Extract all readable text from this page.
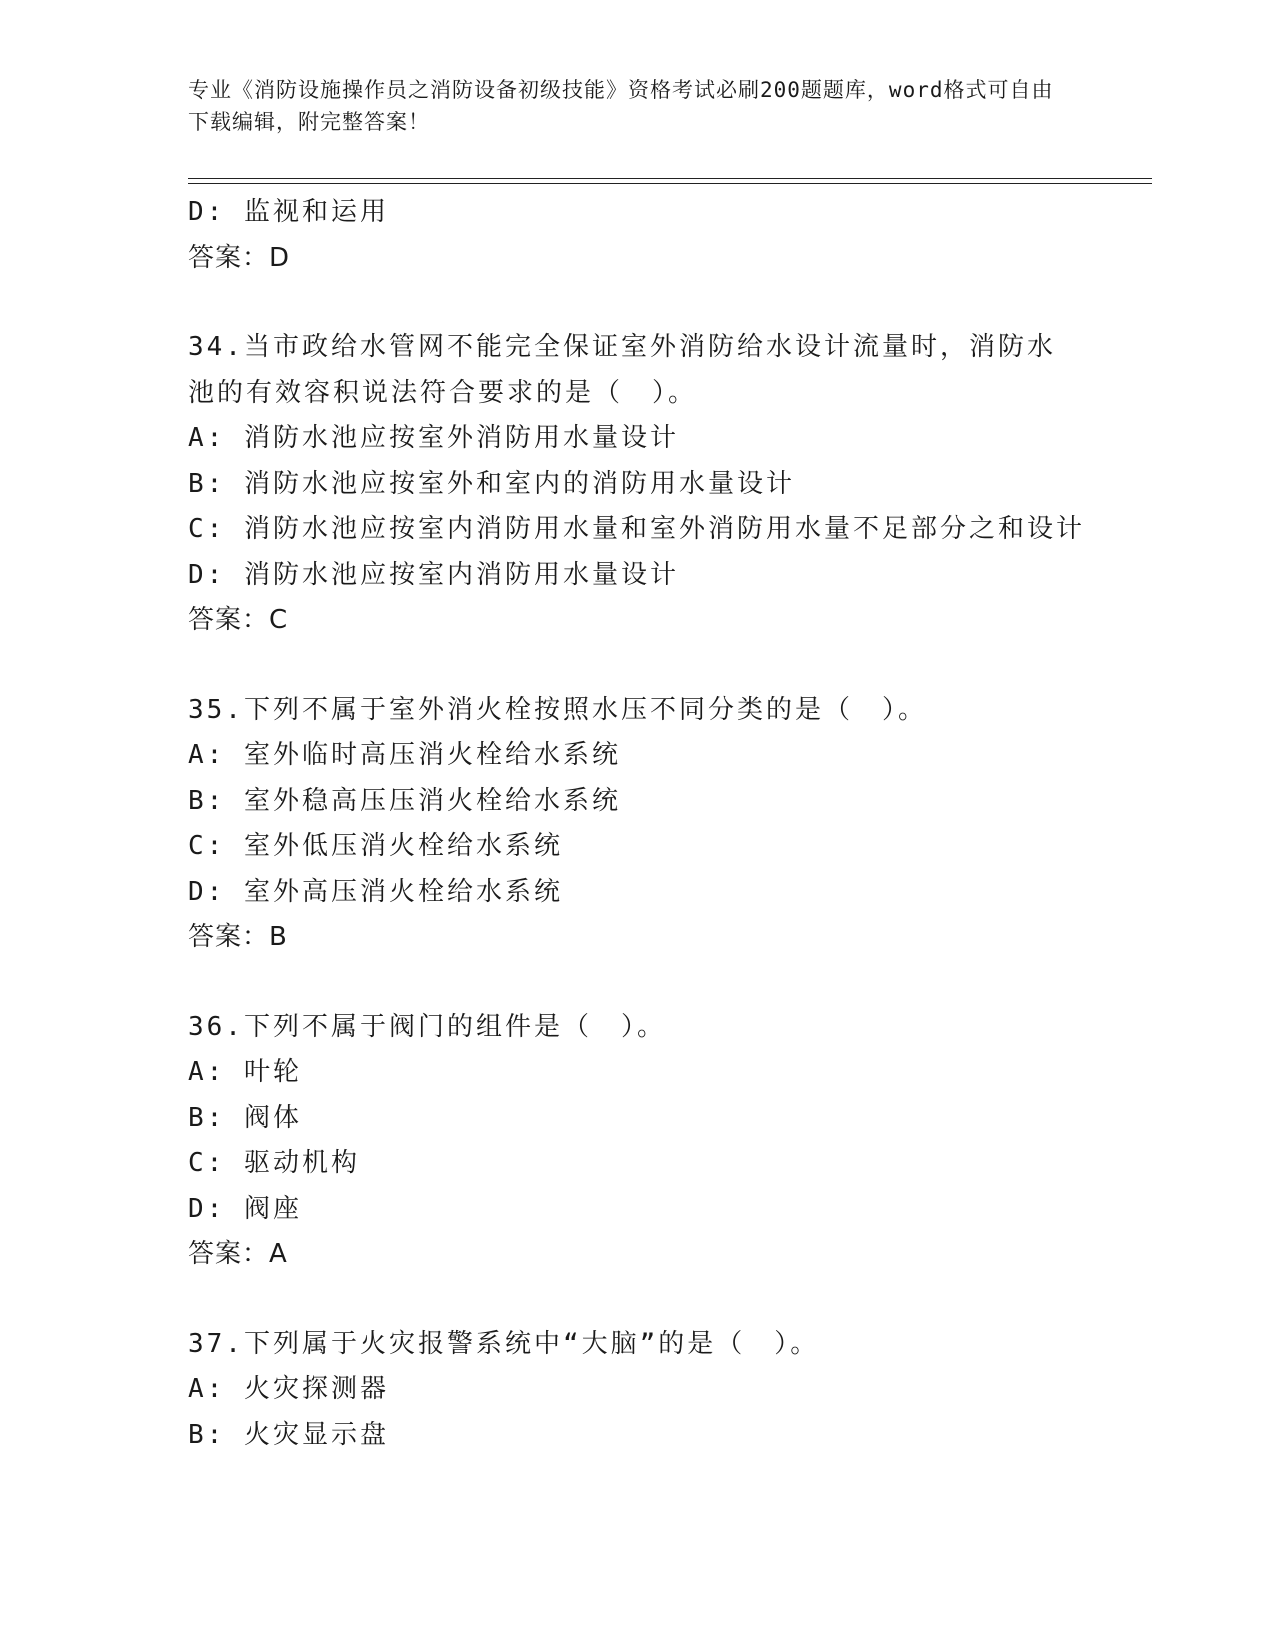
专业《消防设施操作员之消防设备初级技能》资格考试必刷200题题库，word格式可自由下载编辑，附完整答案！
D: 监视和运用
答案：D
34.当市政给水管网不能完全保证室外消防给水设计流量时，消防水池的有效容积说法符合要求的是（　）。
A: 消防水池应按室外消防用水量设计
B: 消防水池应按室外和室内的消防用水量设计
C: 消防水池应按室内消防用水量和室外消防用水量不足部分之和设计
D: 消防水池应按室内消防用水量设计
答案：C
35.下列不属于室外消火栓按照水压不同分类的是（　）。
A: 室外临时高压消火栓给水系统
B: 室外稳高压压消火栓给水系统
C: 室外低压消火栓给水系统
D: 室外高压消火栓给水系统
答案：B
36.下列不属于阀门的组件是（　）。
A: 叶轮
B: 阀体
C: 驱动机构
D: 阀座
答案：A
37.下列属于火灾报警系统中“大脑”的是（　）。
A: 火灾探测器
B: 火灾显示盘
